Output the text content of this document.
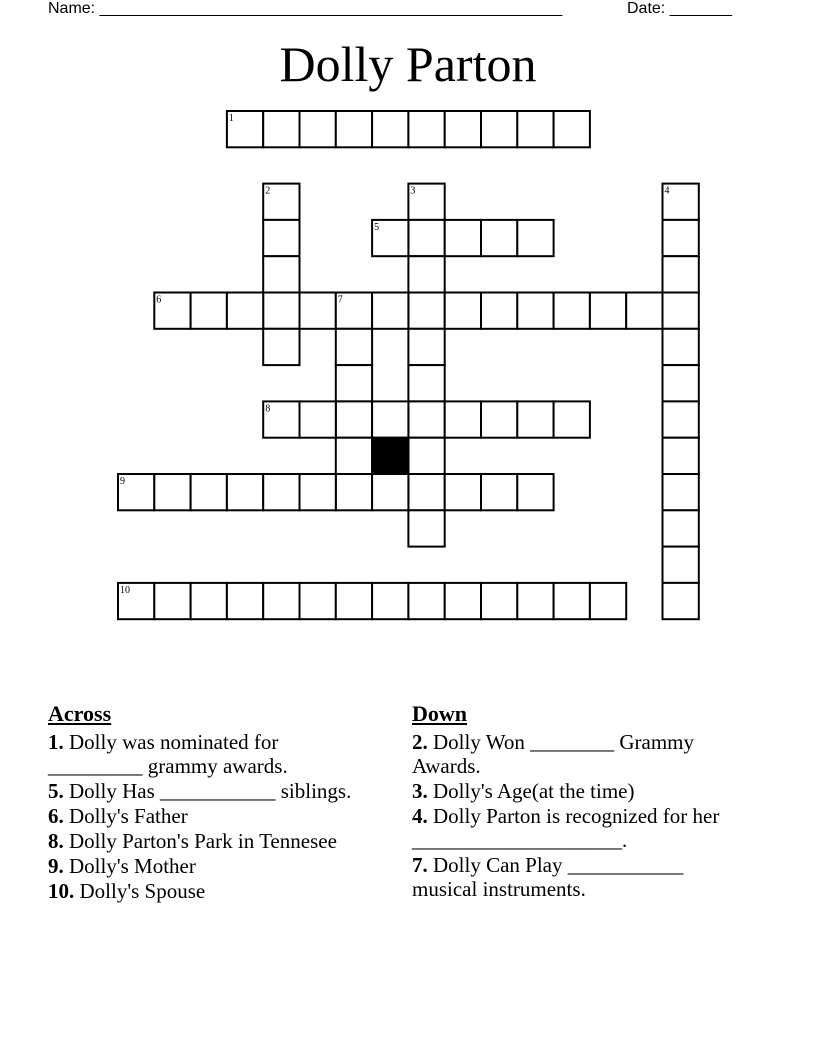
Name: ____________________________________________________	Date: _______
Dolly Parton
1
2	3	4
5
6	7
8
9
10
Across
1. Dolly was nominated for _________ grammy awards.
5. Dolly Has ___________ siblings.
6. Dolly's Father
8. Dolly Parton's Park in Tennesee
9. Dolly's Mother
10. Dolly's Spouse
Down
2. Dolly Won ________ Grammy Awards.
3. Dolly's Age(at the time)
4. Dolly Parton is recognized for her ____________________.
7. Dolly Can Play ___________ musical instruments.
